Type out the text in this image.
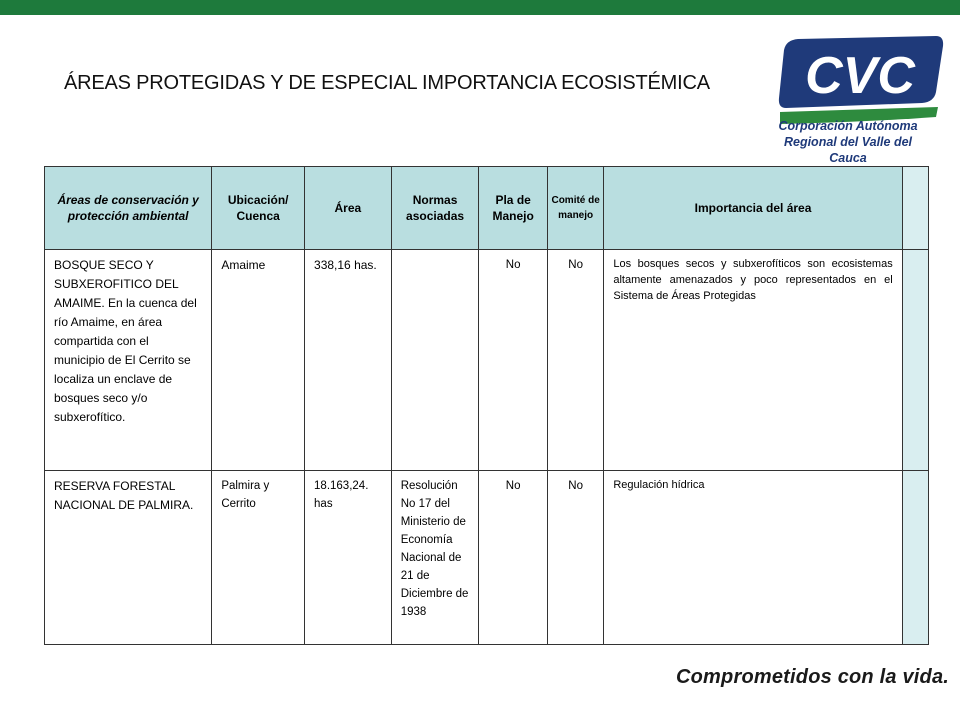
ÁREAS PROTEGIDAS Y DE ESPECIAL IMPORTANCIA ECOSISTÉMICA CVC
Corporación Autónoma
Regional del Valle del Cauca
Áreas de conservación y protección ambiental	Ubicación/ Cuenca	Área	Normas asociadas	Pla de Manejo	Comité de manejo	Importancia del área	

BOSQUE SECO Y SUBXEROFITICO DEL AMAIME. En la cuenca del río Amaime, en área compartida con el municipio de El Cerrito se localiza un enclave de bosques seco y/o subxerofítico.	Amaime	338,16 has.		No	No	Los bosques secos y subxerofíticos son ecosistemas altamente amenazados y poco representados en el Sistema de Áreas Protegidas	
RESERVA FORESTAL NACIONAL DE PALMIRA.	Palmira y Cerrito	18.163,24. has	Resolución No 17 del Ministerio de Economía Nacional de 21 de Diciembre de 1938	No	No	Regulación hídrica	
Comprometidos con la vida.
